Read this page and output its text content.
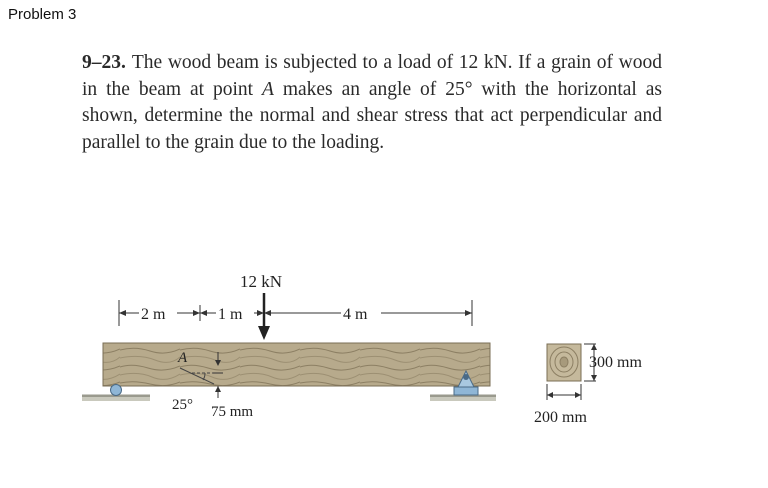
Problem 3
9–23. The wood beam is subjected to a load of 12 kN. If a grain of wood in the beam at point A makes an angle of 25° with the horizontal as shown, determine the normal and shear stress that act perpendicular and parallel to the grain due to the loading.
2 m	1 m	4 m
12 kN
A
25° 75 mm
300 mm
200 mm
